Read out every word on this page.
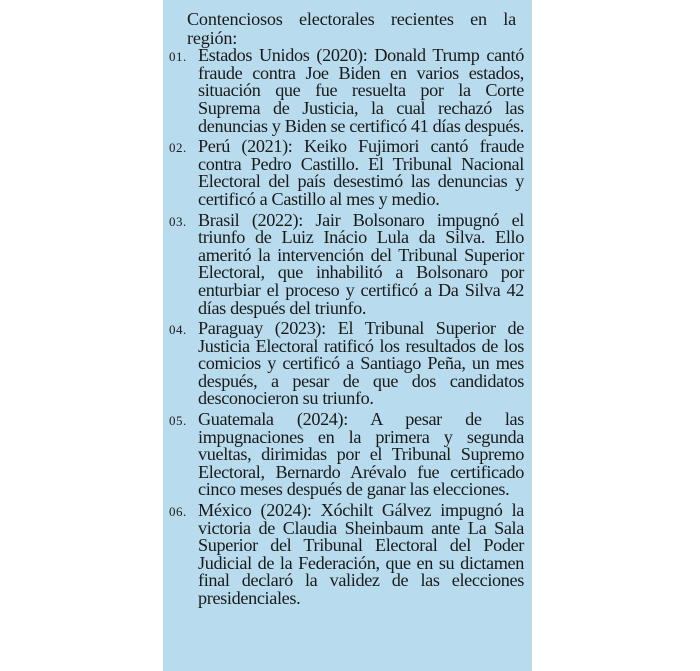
Contenciosos electorales recientes en la región:

01. Estados Unidos (2020): Donald Trump cantó fraude contra Joe Biden en varios estados, situación que fue resuelta por la Corte Suprema de Justicia, la cual rechazó las denuncias y Biden se certificó 41 días después.
02. Perú (2021): Keiko Fujimori cantó fraude contra Pedro Castillo. El Tribunal Nacional Electoral del país desestimó las denuncias y certificó a Castillo al mes y medio.
03. Brasil (2022): Jair Bolsonaro impugnó el triunfo de Luiz Inácio Lula da Silva. Ello ameritó la intervención del Tribunal Superior Electoral, que inhabilitó a Bolsonaro por enturbiar el proceso y certificó a Da Silva 42 días después del triunfo.
04. Paraguay (2023): El Tribunal Superior de Justicia Electoral ratificó los resultados de los comicios y certificó a Santiago Peña, un mes después, a pesar de que dos candidatos desconocieron su triunfo.
05. Guatemala (2024): A pesar de las impugnaciones en la primera y segunda vueltas, dirimidas por el Tribunal Supremo Electoral, Bernardo Arévalo fue certificado cinco meses después de ganar las elecciones.
06. México (2024): Xóchilt Gálvez impugnó la victoria de Claudia Sheinbaum ante La Sala Superior del Tribunal Electoral del Poder Judicial de la Federación, que en su dictamen final declaró la validez de las elecciones presidenciales.
